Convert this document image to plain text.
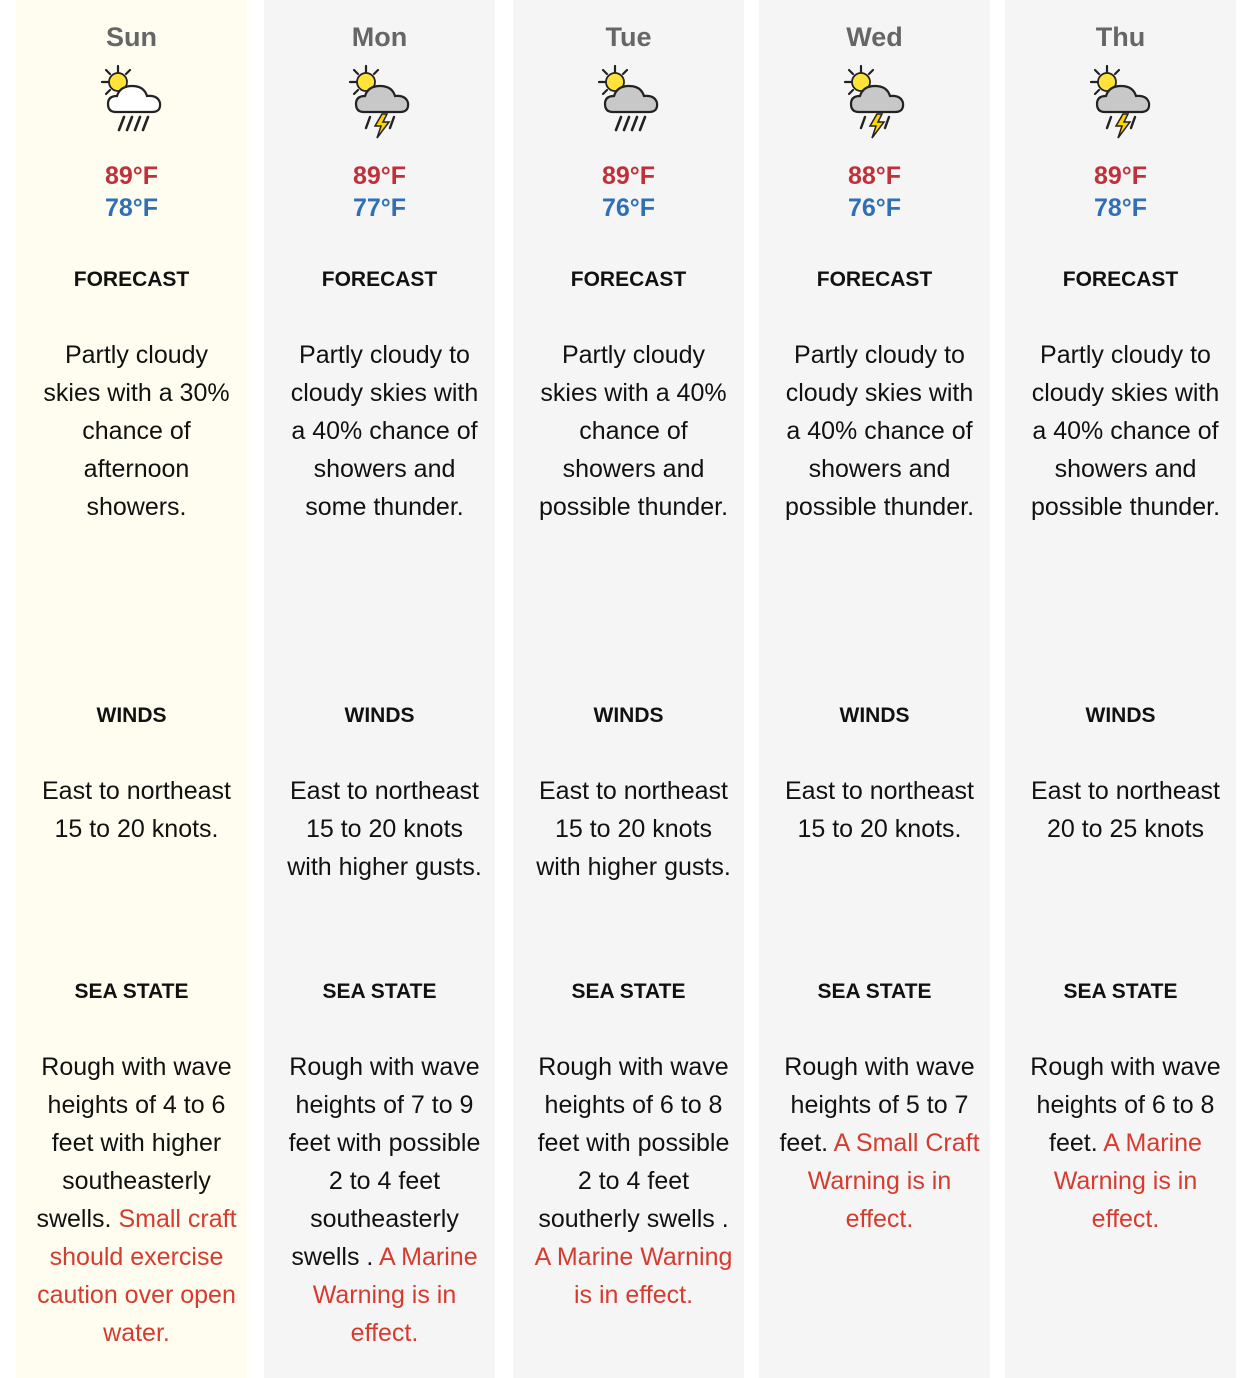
Sun
89°F
78°F
FORECAST
Partly cloudy skies with a 30% chance of afternoon showers.
WINDS
East to northeast 15 to 20 knots.
SEA STATE
Rough with wave heights of 4 to 6 feet with higher southeasterly swells. Small craft should exercise caution over open water.
Mon
89°F
77°F
FORECAST
Partly cloudy to cloudy skies with a 40% chance of showers and some thunder.
WINDS
East to northeast 15 to 20 knots with higher gusts.
SEA STATE
Rough with wave heights of 7 to 9 feet with possible 2 to 4 feet southeasterly swells . A Marine Warning is in effect.
Tue
89°F
76°F
FORECAST
Partly cloudy skies with a 40% chance of showers and possible thunder.
WINDS
East to northeast 15 to 20 knots with higher gusts.
SEA STATE
Rough with wave heights of 6 to 8 feet with possible 2 to 4 feet southerly swells . A Marine Warning is in effect.
Wed
88°F
76°F
FORECAST
Partly cloudy to cloudy skies with a 40% chance of showers and possible thunder.
WINDS
East to northeast 15 to 20 knots.
SEA STATE
Rough with wave heights of 5 to 7 feet. A Small Craft Warning is in effect.
Thu
89°F
78°F
FORECAST
Partly cloudy to cloudy skies with a 40% chance of showers and possible thunder.
WINDS
East to northeast 20 to 25 knots
SEA STATE
Rough with wave heights of 6 to 8 feet. A Marine Warning is in effect.
